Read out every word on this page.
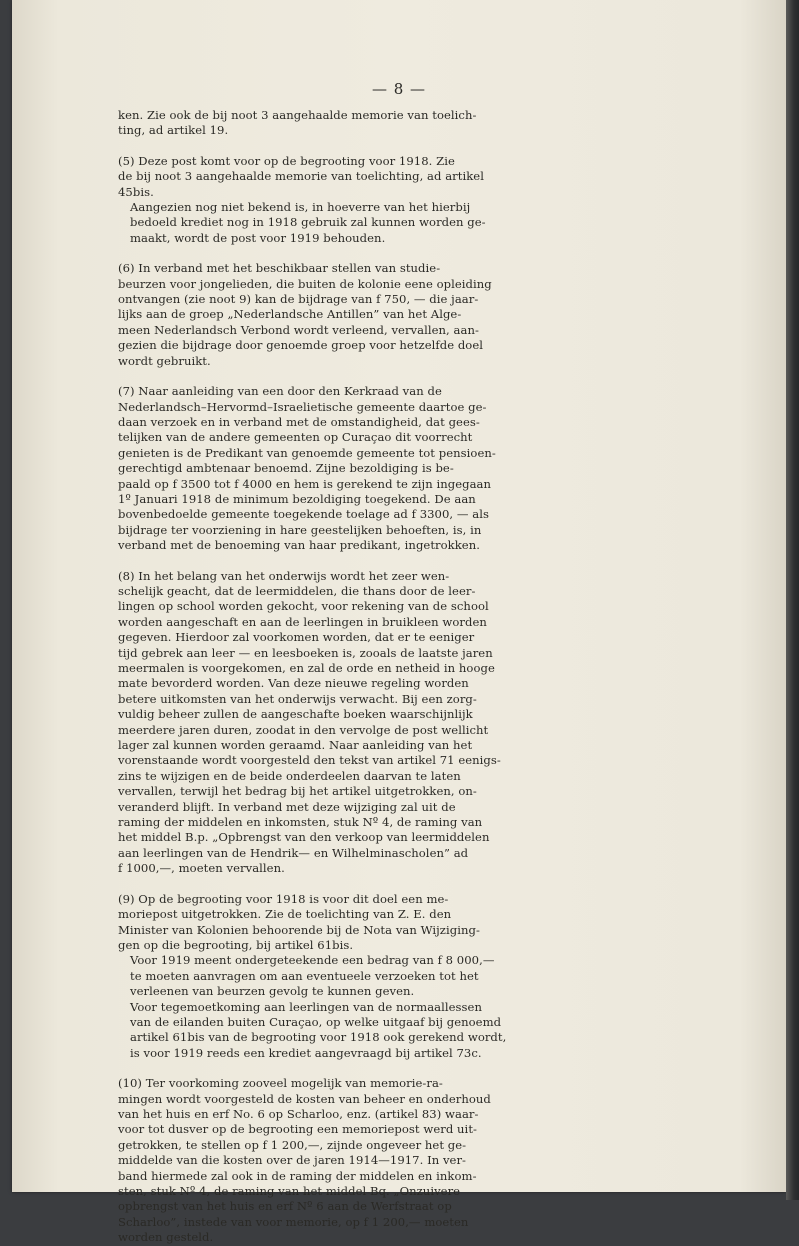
— 8 —

ken. Zie ook de bij noot 3 aangehaalde memorie van toelich-
ting, ad artikel 19.

(5) Deze post komt voor op de begrooting voor 1918. Zie
de bij noot 3 aangehaalde memorie van toelichting, ad artikel
45bis.

Aangezien nog niet bekend is, in hoeverre van het hierbij
bedoeld krediet nog in 1918 gebruik zal kunnen worden ge-
maakt, wordt de post voor 1919 behouden.

(6) In verband met het beschikbaar stellen van studie-
beurzen voor jongelieden, die buiten de kolonie eene opleiding
ontvangen (zie noot 9) kan de bijdrage van f 750, — die jaar-
lijks aan de groep „Nederlandsche Antillen” van het Alge-
meen Nederlandsch Verbond wordt verleend, vervallen, aan-
gezien die bijdrage door genoemde groep voor hetzelfde doel
wordt gebruikt.

(7) Naar aanleiding van een door den Kerkraad van de
Nederlandsch–Hervormd–Israelietische gemeente daartoe ge-
daan verzoek en in verband met de omstandigheid, dat gees-
telijken van de andere gemeenten op Curaçao dit voorrecht
genieten is de Predikant van genoemde gemeente tot pensioen-
gerechtigd ambtenaar benoemd. Zijne bezoldiging is be-
paald op f 3500 tot f 4000 en hem is gerekend te zijn ingegaan
1º Januari 1918 de minimum bezoldiging toegekend. De aan
bovenbedoelde gemeente toegekende toelage ad f 3300, — als
bijdrage ter voorziening in hare geestelijken behoeften, is, in
verband met de benoeming van haar predikant, ingetrokken.

(8) In het belang van het onderwijs wordt het zeer wen-
schelijk geacht, dat de leermiddelen, die thans door de leer-
lingen op school worden gekocht, voor rekening van de school
worden aangeschaft en aan de leerlingen in bruikleen worden
gegeven. Hierdoor zal voorkomen worden, dat er te eeniger
tijd gebrek aan leer — en leesboeken is, zooals de laatste jaren
meermalen is voorgekomen, en zal de orde en netheid in hooge
mate bevorderd worden. Van deze nieuwe regeling worden
betere uitkomsten van het onderwijs verwacht. Bij een zorg-
vuldig beheer zullen de aangeschafte boeken waarschijnlijk
meerdere jaren duren, zoodat in den vervolge de post wellicht
lager zal kunnen worden geraamd. Naar aanleiding van het
vorenstaande wordt voorgesteld den tekst van artikel 71 eenigs-
zins te wijzigen en de beide onderdeelen daarvan te laten
vervallen, terwijl het bedrag bij het artikel uitgetrokken, on-
veranderd blijft. In verband met deze wijziging zal uit de
raming der middelen en inkomsten, stuk Nº 4, de raming van
het middel B.p. „Opbrengst van den verkoop van leermiddelen
aan leerlingen van de Hendrik— en Wilhelminascholen” ad
f 1000,—, moeten vervallen.

(9) Op de begrooting voor 1918 is voor dit doel een me-
moriepost uitgetrokken. Zie de toelichting van Z. E. den
Minister van Kolonien behoorende bij de Nota van Wijziging-
gen op die begrooting, bij artikel 61bis.

Voor 1919 meent ondergeteekende een bedrag van f 8 000,—
te moeten aanvragen om aan eventueele verzoeken tot het
verleenen van beurzen gevolg te kunnen geven.

Voor tegemoetkoming aan leerlingen van de normaallessen
van de eilanden buiten Curaçao, op welke uitgaaf bij genoemd
artikel 61bis van de begrooting voor 1918 ook gerekend wordt,
is voor 1919 reeds een krediet aangevraagd bij artikel 73c.

(10) Ter voorkoming zooveel mogelijk van memorie-ra-
mingen wordt voorgesteld de kosten van beheer en onderhoud
van het huis en erf No. 6 op Scharloo, enz. (artikel 83) waar-
voor tot dusver op de begrooting een memoriepost werd uit-
getrokken, te stellen op f 1 200,—, zijnde ongeveer het ge-
middelde van die kosten over de jaren 1914—1917. In ver-
band hiermede zal ook in de raming der middelen en inkom-
sten, stuk Nº 4, de raming van het middel Bq. „Onzuivere
opbrengst van het huis en erf Nº 6 aan de Werfstraat op
Scharloo”, instede van voor memorie, op f 1 200,— moeten
worden gesteld.
